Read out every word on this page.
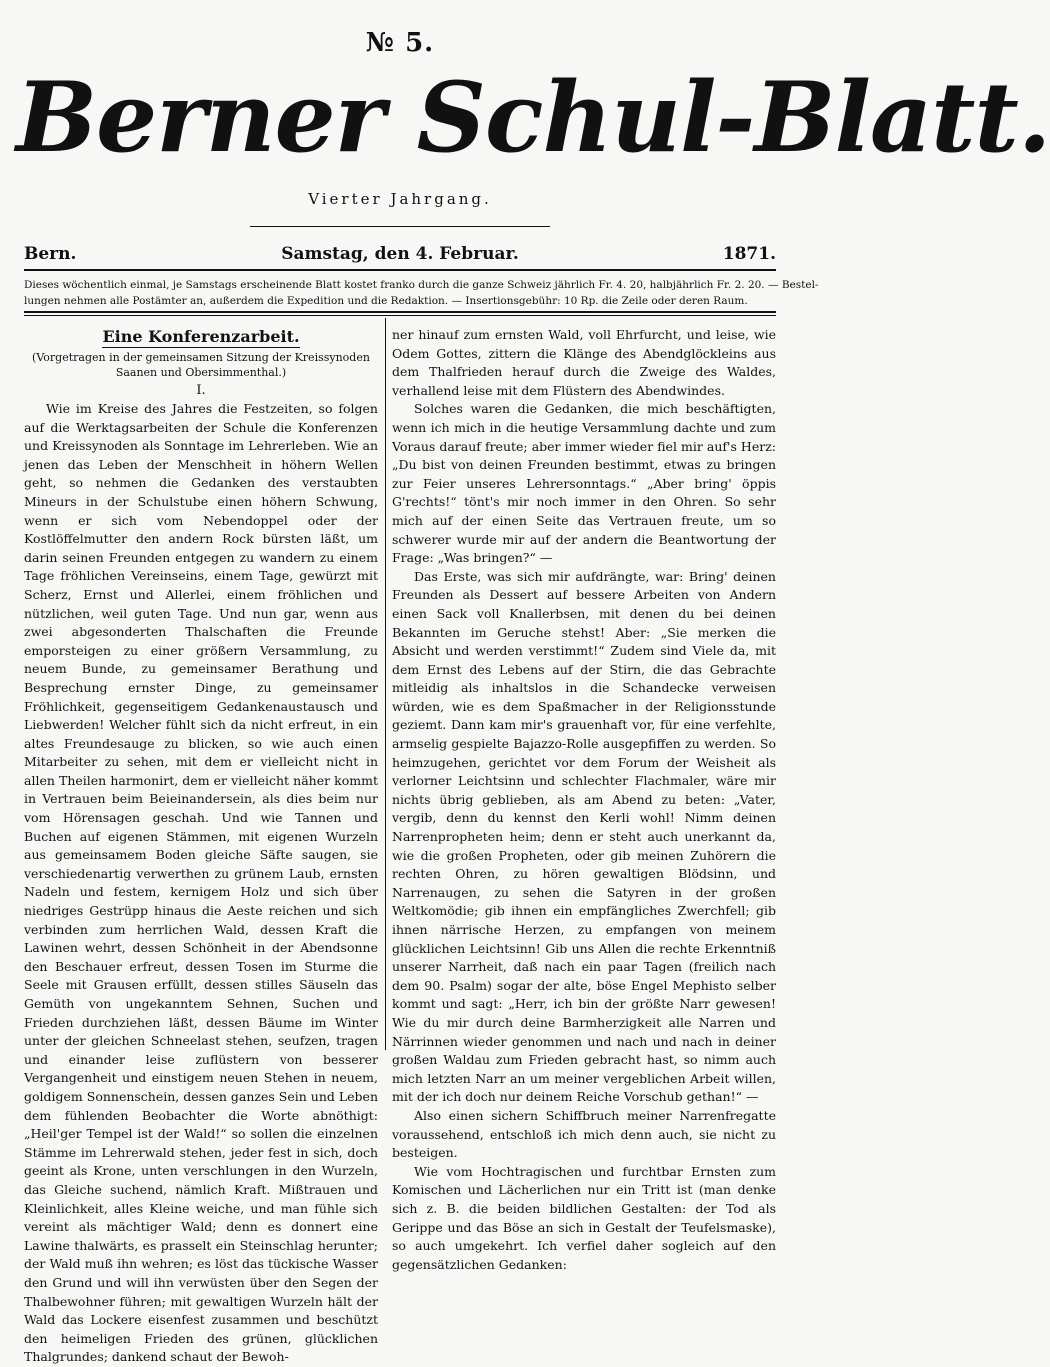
№ 5.
Berner Schul-Blatt.
Vierter Jahrgang.
Bern.	Samstag, den 4. Februar.	1871.
Dieses wöchentlich einmal, je Samstags erscheinende Blatt kostet franko durch die ganze Schweiz jährlich Fr. 4. 20, halbjährlich Fr. 2. 20. — Bestel-
lungen nehmen alle Postämter an, außerdem die Expedition und die Redaktion. — Insertionsgebühr: 10 Rp. die Zeile oder deren Raum.

Eine Konferenzarbeit.

(Vorgetragen in der gemeinsamen Sitzung der Kreissynoden Saanen und Obersimmenthal.)

I.

Wie im Kreise des Jahres die Festzeiten, so folgen auf die Werktagsarbeiten der Schule die Konferenzen und Kreissynoden als Sonntage im Lehrerleben. Wie an jenen das Leben der Menschheit in höhern Wellen geht, so nehmen die Gedanken des verstaubten Mineurs in der Schulstube einen höhern Schwung, wenn er sich vom Nebendoppel oder der Kostlöffelmutter den andern Rock bürsten läßt, um darin seinen Freunden entgegen zu wandern zu einem Tage fröhlichen Vereinseins, einem Tage, gewürzt mit Scherz, Ernst und Allerlei, einem fröhlichen und nützlichen, weil guten Tage. Und nun gar, wenn aus zwei abgesonderten Thalschaften die Freunde emporsteigen zu einer größern Versammlung, zu neuem Bunde, zu gemeinsamer Berathung und Besprechung ernster Dinge, zu gemeinsamer Fröhlichkeit, gegenseitigem Gedankenaustausch und Liebwerden! Welcher fühlt sich da nicht erfreut, in ein altes Freundesauge zu blicken, so wie auch einen Mitarbeiter zu sehen, mit dem er vielleicht nicht in allen Theilen harmonirt, dem er vielleicht näher kommt in Vertrauen beim Beieinandersein, als dies beim nur vom Hörensagen geschah. Und wie Tannen und Buchen auf eigenen Stämmen, mit eigenen Wurzeln aus gemeinsamem Boden gleiche Säfte saugen, sie verschiedenartig verwerthen zu grünem Laub, ernsten Nadeln und festem, kernigem Holz und sich über niedriges Gestrüpp hinaus die Aeste reichen und sich verbinden zum herrlichen Wald, dessen Kraft die Lawinen wehrt, dessen Schönheit in der Abendsonne den Beschauer erfreut, dessen Tosen im Sturme die Seele mit Grausen erfüllt, dessen stilles Säuseln das Gemüth von ungekanntem Sehnen, Suchen und Frieden durchziehen läßt, dessen Bäume im Winter unter der gleichen Schneelast stehen, seufzen, tragen und einander leise zuflüstern von besserer Vergangenheit und einstigem neuen Stehen in neuem, goldigem Sonnenschein, dessen ganzes Sein und Leben dem fühlenden Beobachter die Worte abnöthigt: „Heil'ger Tempel ist der Wald!“ so sollen die einzelnen Stämme im Lehrerwald stehen, jeder fest in sich, doch geeint als Krone, unten verschlungen in den Wurzeln, das Gleiche suchend, nämlich Kraft. Mißtrauen und Kleinlichkeit, alles Kleine weiche, und man fühle sich vereint als mächtiger Wald; denn es donnert eine Lawine thalwärts, es prasselt ein Steinschlag herunter; der Wald muß ihn wehren; es löst das tückische Wasser den Grund und will ihn verwüsten über den Segen der Thalbewohner führen; mit gewaltigen Wurzeln hält der Wald das Lockere eisenfest zusammen und beschützt den heimeligen Frieden des grünen, glücklichen Thalgrundes; dankend schaut der Bewoh-

ner hinauf zum ernsten Wald, voll Ehrfurcht, und leise, wie Odem Gottes, zittern die Klänge des Abendglöckleins aus dem Thalfrieden herauf durch die Zweige des Waldes, verhallend leise mit dem Flüstern des Abendwindes.

Solches waren die Gedanken, die mich beschäftigten, wenn ich mich in die heutige Versammlung dachte und zum Voraus darauf freute; aber immer wieder fiel mir auf's Herz: „Du bist von deinen Freunden bestimmt, etwas zu bringen zur Feier unseres Lehrersonntags.“ „Aber bring' öppis G'rechts!“ tönt's mir noch immer in den Ohren. So sehr mich auf der einen Seite das Vertrauen freute, um so schwerer wurde mir auf der andern die Beantwortung der Frage: „Was bringen?“ —

Das Erste, was sich mir aufdrängte, war: Bring' deinen Freunden als Dessert auf bessere Arbeiten von Andern einen Sack voll Knallerbsen, mit denen du bei deinen Bekannten im Geruche stehst! Aber: „Sie merken die Absicht und werden verstimmt!“ Zudem sind Viele da, mit dem Ernst des Lebens auf der Stirn, die das Gebrachte mitleidig als inhaltslos in die Schandecke verweisen würden, wie es dem Spaßmacher in der Religionsstunde geziemt. Dann kam mir's grauenhaft vor, für eine verfehlte, armselig gespielte Bajazzo-Rolle ausgepfiffen zu werden. So heimzugehen, gerichtet vor dem Forum der Weisheit als verlorner Leichtsinn und schlechter Flachmaler, wäre mir nichts übrig geblieben, als am Abend zu beten: „Vater, vergib, denn du kennst den Kerli wohl! Nimm deinen Narrenpropheten heim; denn er steht auch unerkannt da, wie die großen Propheten, oder gib meinen Zuhörern die rechten Ohren, zu hören gewaltigen Blödsinn, und Narrenaugen, zu sehen die Satyren in der großen Weltkomödie; gib ihnen ein empfängliches Zwerchfell; gib ihnen närrische Herzen, zu empfangen von meinem glücklichen Leichtsinn! Gib uns Allen die rechte Erkenntniß unserer Narrheit, daß nach ein paar Tagen (freilich nach dem 90. Psalm) sogar der alte, böse Engel Mephisto selber kommt und sagt: „Herr, ich bin der größte Narr gewesen! Wie du mir durch deine Barmherzigkeit alle Narren und Närrinnen wieder genommen und nach und nach in deiner großen Waldau zum Frieden gebracht hast, so nimm auch mich letzten Narr an um meiner vergeblichen Arbeit willen, mit der ich doch nur deinem Reiche Vorschub gethan!“ —

Also einen sichern Schiffbruch meiner Narrenfregatte voraussehend, entschloß ich mich denn auch, sie nicht zu besteigen.

Wie vom Hochtragischen und furchtbar Ernsten zum Komischen und Lächerlichen nur ein Tritt ist (man denke sich z. B. die beiden bildlichen Gestalten: der Tod als Gerippe und das Böse an sich in Gestalt der Teufelsmaske), so auch umgekehrt. Ich verfiel daher sogleich auf den gegensätzlichen Gedanken:
